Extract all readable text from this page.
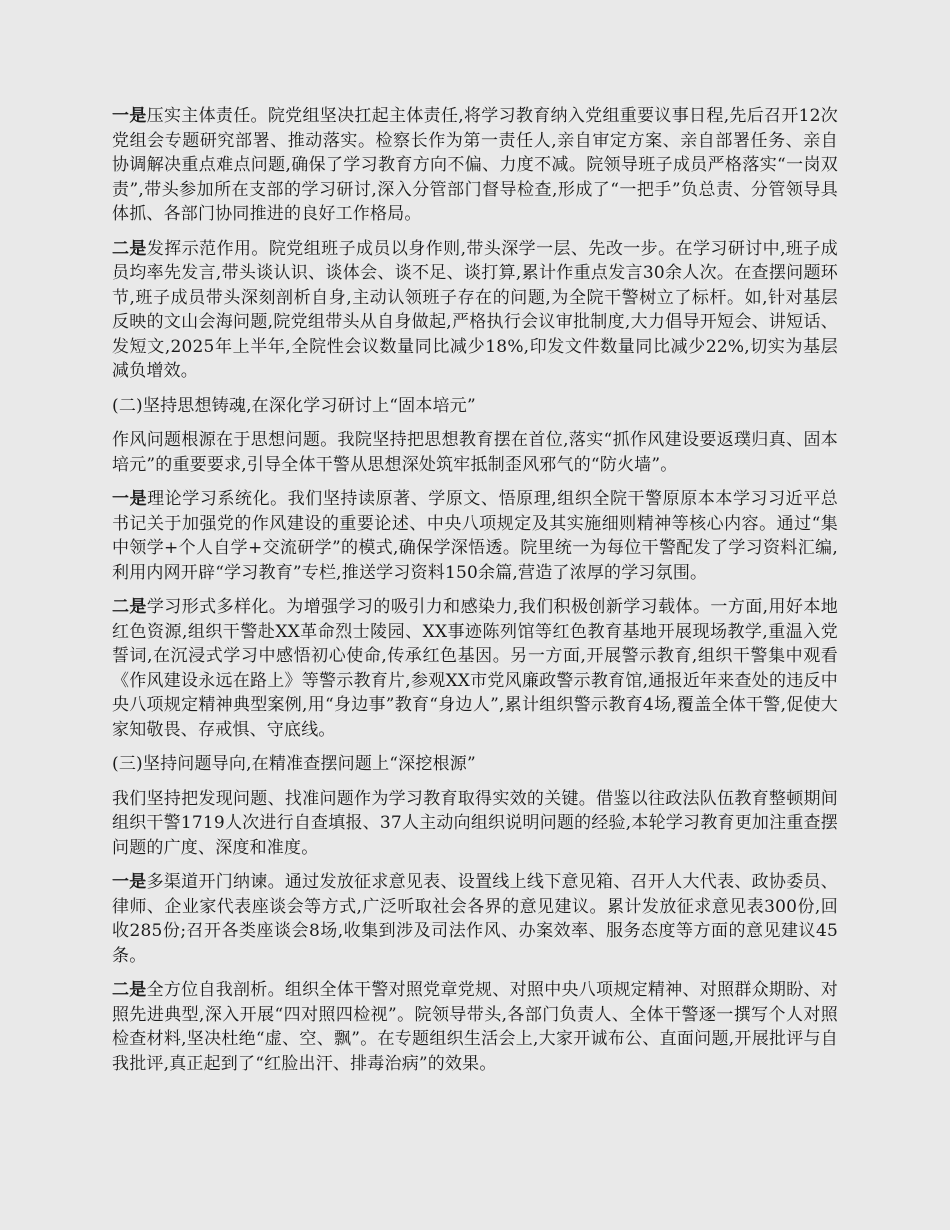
一是压实主体责任。院党组坚决扛起主体责任,将学习教育纳入党组重要议事日程,先后召开12次党组会专题研究部署、推动落实。检察长作为第一责任人,亲自审定方案、亲自部署任务、亲自协调解决重点难点问题,确保了学习教育方向不偏、力度不减。院领导班子成员严格落实“一岗双责”,带头参加所在支部的学习研讨,深入分管部门督导检查,形成了“一把手”负总责、分管领导具体抓、各部门协同推进的良好工作格局。

二是发挥示范作用。院党组班子成员以身作则,带头深学一层、先改一步。在学习研讨中,班子成员均率先发言,带头谈认识、谈体会、谈不足、谈打算,累计作重点发言30余人次。在查摆问题环节,班子成员带头深刻剖析自身,主动认领班子存在的问题,为全院干警树立了标杆。如,针对基层反映的文山会海问题,院党组带头从自身做起,严格执行会议审批制度,大力倡导开短会、讲短话、发短文,2025年上半年,全院性会议数量同比减少18%,印发文件数量同比减少22%,切实为基层减负增效。

(二)坚持思想铸魂,在深化学习研讨上“固本培元”

作风问题根源在于思想问题。我院坚持把思想教育摆在首位,落实“抓作风建设要返璞归真、固本培元”的重要要求,引导全体干警从思想深处筑牢抵制歪风邪气的“防火墙”。

一是理论学习系统化。我们坚持读原著、学原文、悟原理,组织全院干警原原本本学习习近平总书记关于加强党的作风建设的重要论述、中央八项规定及其实施细则精神等核心内容。通过“集中领学+个人自学+交流研学”的模式,确保学深悟透。院里统一为每位干警配发了学习资料汇编,利用内网开辟“学习教育”专栏,推送学习资料150余篇,营造了浓厚的学习氛围。

二是学习形式多样化。为增强学习的吸引力和感染力,我们积极创新学习载体。一方面,用好本地红色资源,组织干警赴XX革命烈士陵园、XX事迹陈列馆等红色教育基地开展现场教学,重温入党誓词,在沉浸式学习中感悟初心使命,传承红色基因。另一方面,开展警示教育,组织干警集中观看《作风建设永远在路上》等警示教育片,参观XX市党风廉政警示教育馆,通报近年来查处的违反中央八项规定精神典型案例,用“身边事”教育“身边人”,累计组织警示教育4场,覆盖全体干警,促使大家知敬畏、存戒惧、守底线。

(三)坚持问题导向,在精准查摆问题上“深挖根源”

我们坚持把发现问题、找准问题作为学习教育取得实效的关键。借鉴以往政法队伍教育整顿期间组织干警1719人次进行自查填报、37人主动向组织说明问题的经验,本轮学习教育更加注重查摆问题的广度、深度和准度。

一是多渠道开门纳谏。通过发放征求意见表、设置线上线下意见箱、召开人大代表、政协委员、律师、企业家代表座谈会等方式,广泛听取社会各界的意见建议。累计发放征求意见表300份,回收285份;召开各类座谈会8场,收集到涉及司法作风、办案效率、服务态度等方面的意见建议45条。

二是全方位自我剖析。组织全体干警对照党章党规、对照中央八项规定精神、对照群众期盼、对照先进典型,深入开展“四对照四检视”。院领导带头,各部门负责人、全体干警逐一撰写个人对照检查材料,坚决杜绝“虚、空、飘”。在专题组织生活会上,大家开诚布公、直面问题,开展批评与自我批评,真正起到了“红脸出汗、排毒治病”的效果。
